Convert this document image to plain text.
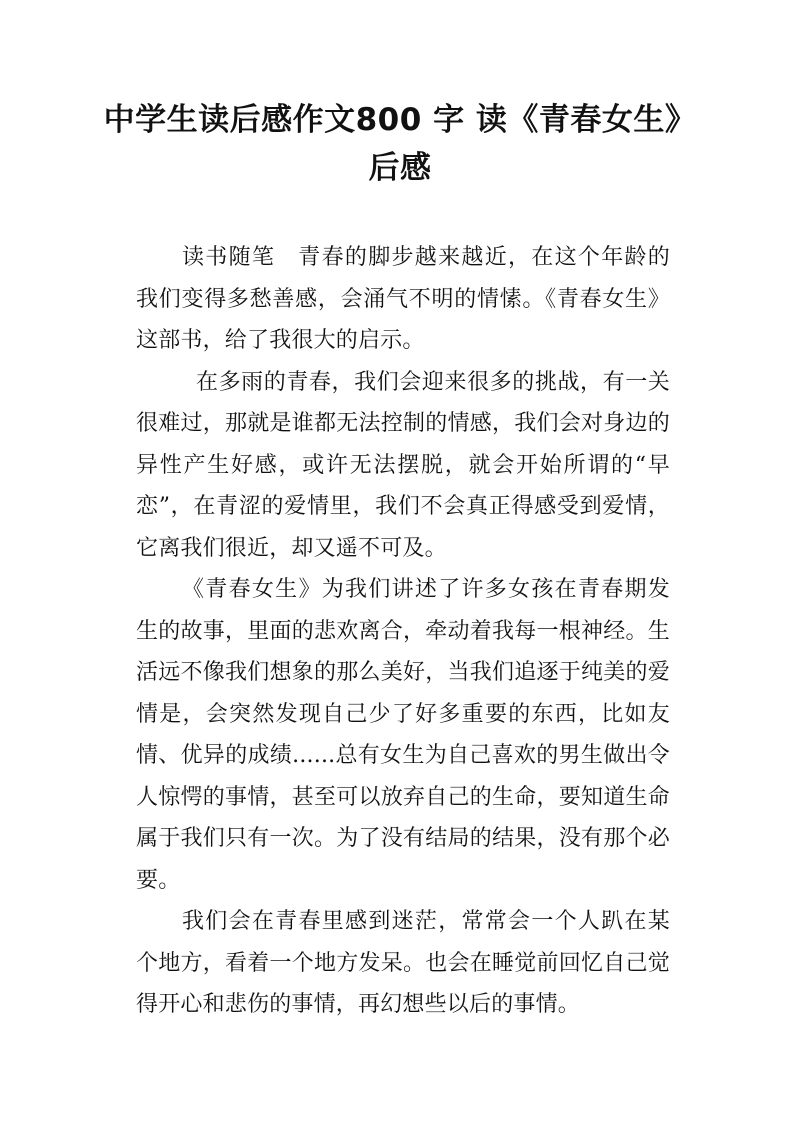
中学生读后感作文800 字 读《青春女生》后感

读书随笔 青春的脚步越来越近，在这个年龄的我们变得多愁善感，会涌气不明的情愫。《青春女生》这部书，给了我很大的启示。

在多雨的青春，我们会迎来很多的挑战，有一关很难过，那就是谁都无法控制的情感，我们会对身边的异性产生好感，或许无法摆脱，就会开始所谓的“早恋”，在青涩的爱情里，我们不会真正得感受到爱情，它离我们很近，却又遥不可及。

《青春女生》为我们讲述了许多女孩在青春期发生的故事，里面的悲欢离合，牵动着我每一根神经。生活远不像我们想象的那么美好，当我们追逐于纯美的爱情是，会突然发现自己少了好多重要的东西，比如友情、优异的成绩......总有女生为自己喜欢的男生做出令人惊愕的事情，甚至可以放弃自己的生命，要知道生命属于我们只有一次。为了没有结局的结果，没有那个必要。

我们会在青春里感到迷茫，常常会一个人趴在某个地方，看着一个地方发呆。也会在睡觉前回忆自己觉得开心和悲伤的事情，再幻想些以后的事情。
